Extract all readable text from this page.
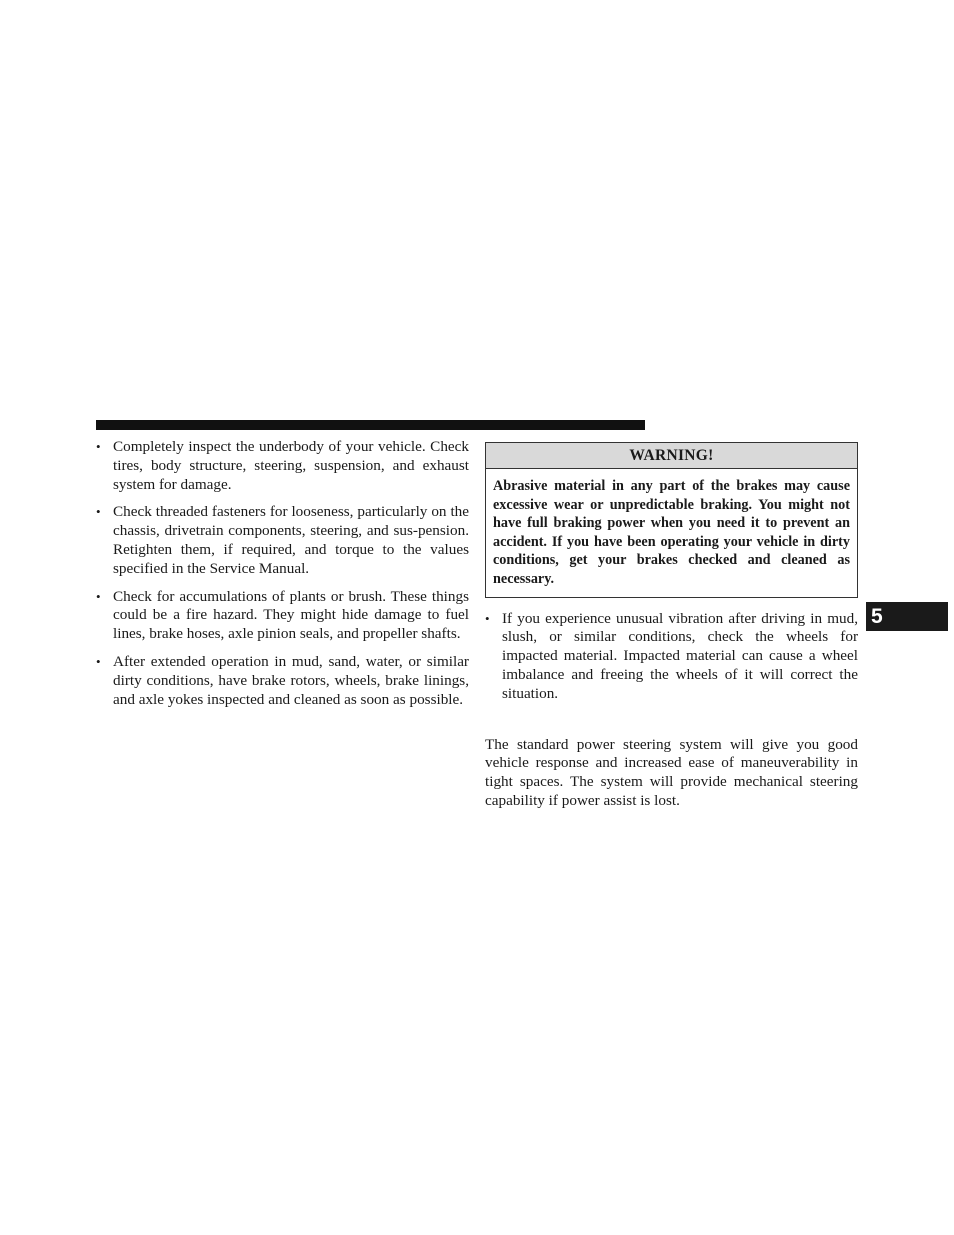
• Completely inspect the underbody of your vehicle. Check tires, body structure, steering, suspension, and exhaust system for damage.
• Check threaded fasteners for looseness, particularly on the chassis, drivetrain components, steering, and sus-pension. Retighten them, if required, and torque to the values specified in the Service Manual.
• Check for accumulations of plants or brush. These things could be a fire hazard. They might hide damage to fuel lines, brake hoses, axle pinion seals, and propeller shafts.
• After extended operation in mud, sand, water, or similar dirty conditions, have brake rotors, wheels, brake linings, and axle yokes inspected and cleaned as soon as possible.
WARNING!
Abrasive material in any part of the brakes may cause excessive wear or unpredictable braking. You might not have full braking power when you need it to prevent an accident. If you have been operating your vehicle in dirty conditions, get your brakes checked and cleaned as necessary.
• If you experience unusual vibration after driving in mud, slush, or similar conditions, check the wheels for impacted material. Impacted material can cause a wheel imbalance and freeing the wheels of it will correct the situation.

The standard power steering system will give you good vehicle response and increased ease of maneuverability in tight spaces. The system will provide mechanical steering capability if power assist is lost.

5
